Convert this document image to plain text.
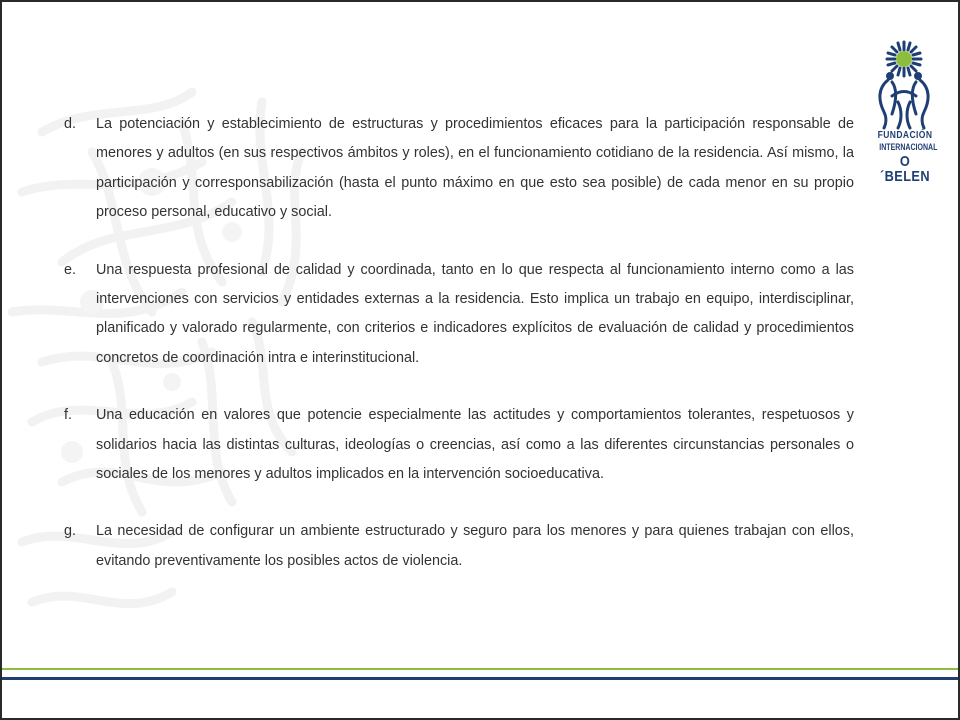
FUNDACIÓN
INTERNACIONAL
O´BELEN
d.	La potenciación y establecimiento de estructuras y procedimientos eficaces para la participación responsable de menores y adultos (en sus respectivos ámbitos y roles), en el funcionamiento cotidiano de la residencia. Así mismo, la participación y corresponsabilización (hasta el punto máximo en que esto sea posible) de cada menor en su propio proceso personal, educativo y social.
e.	Una respuesta profesional de calidad y coordinada, tanto en lo que respecta al funcionamiento interno como a las intervenciones con servicios y entidades externas a la residencia. Esto implica un trabajo en equipo, interdisciplinar, planificado y valorado regularmente, con criterios e indicadores explícitos de evaluación de calidad y procedimientos concretos de coordinación intra e interinstitucional.
f.	Una educación en valores que potencie especialmente las actitudes y comportamientos tolerantes, respetuosos y solidarios hacia las distintas culturas, ideologías o creencias, así como a las diferentes circunstancias personales o sociales de los menores y adultos implicados en la intervención socioeducativa.
g.	La necesidad de configurar un ambiente estructurado y seguro para los menores y para quienes trabajan con ellos, evitando preventivamente los posibles actos de violencia.
